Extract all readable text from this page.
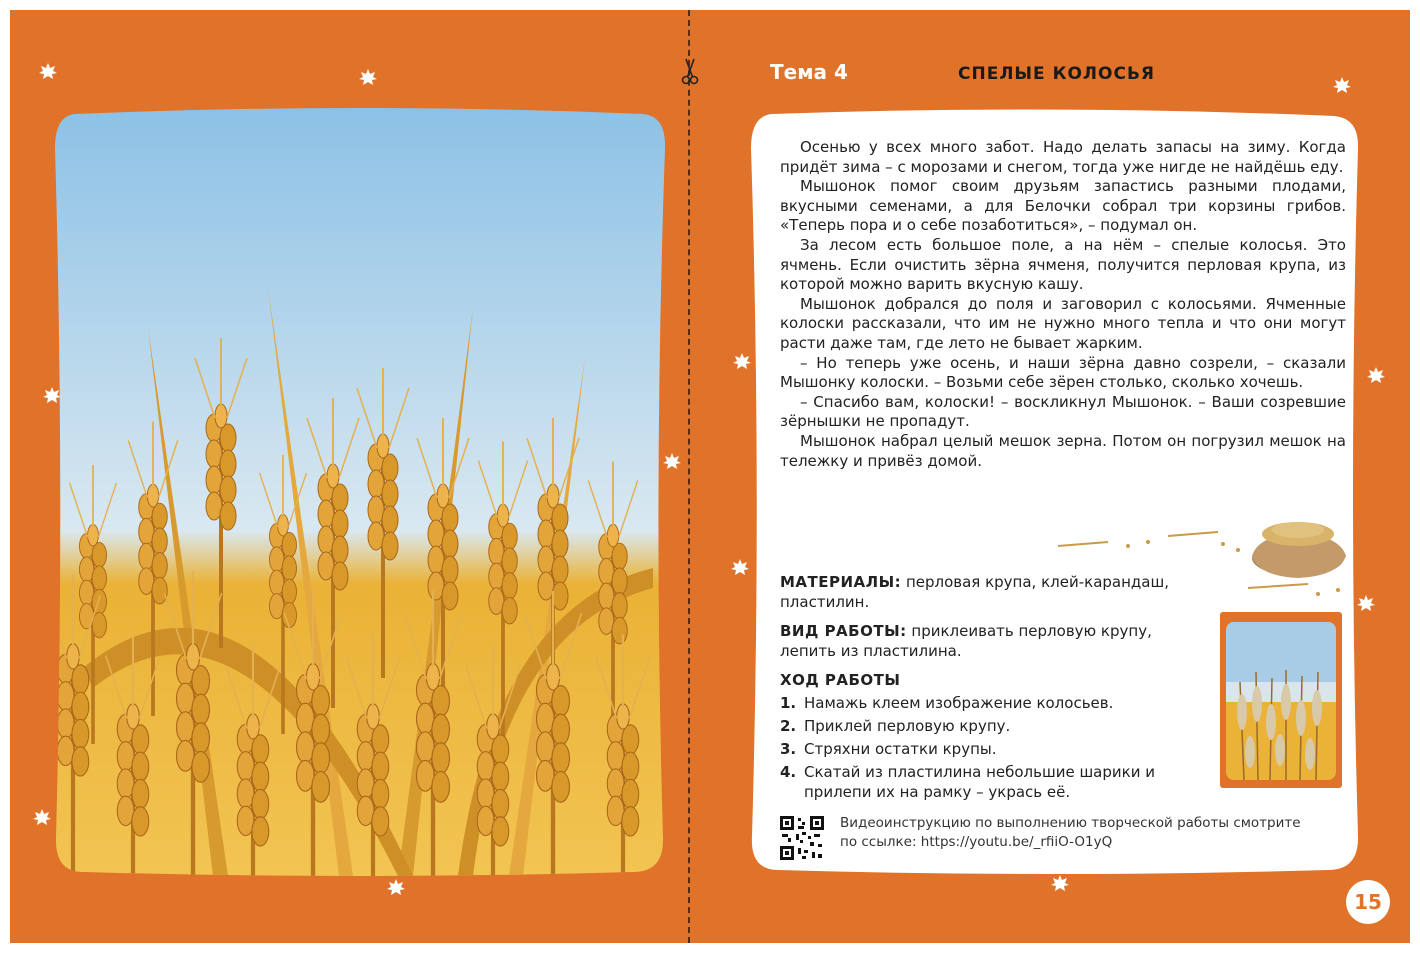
Тема 4	СПЕЛЫЕ КОЛОСЬЯ

Осенью у всех много забот. Надо делать запасы на зиму. Когда придёт зима – с морозами и снегом, тогда уже нигде не найдёшь еду.

Мышонок помог своим друзьям запастись разными плодами, вкусными семенами, а для Белочки собрал три корзины грибов. «Теперь пора и о себе позаботиться», – подумал он.

За лесом есть большое поле, а на нём – спелые колосья. Это ячмень. Если очистить зёрна ячменя, получится перловая крупа, из которой можно варить вкусную кашу.

Мышонок добрался до поля и заговорил с колосьями. Ячменные колоски рассказали, что им не нужно много тепла и что они могут расти даже там, где лето не бывает жарким.

– Но теперь уже осень, и наши зёрна давно созрели, – сказали Мышонку колоски. – Возьми себе зёрен столько, сколько хочешь.

– Спасибо вам, колоски! – воскликнул Мышонок. – Ваши созревшие зёрнышки не пропадут.

Мышонок набрал целый мешок зерна. Потом он погрузил мешок на тележку и привёз домой.

МАТЕРИАЛЫ: перловая крупа, клей-карандаш, пластилин.
ВИД РАБОТЫ: приклеивать перловую крупу, лепить из пластилина.
ХОД РАБОТЫ
1. Намажь клеем изображение колосьев.
2. Приклей перловую крупу.
3. Стряхни остатки крупы.
4. Скатай из пластилина небольшие шарики и прилепи их на рамку – укрась её.
Видеоинструкцию по выполнению творческой работы смотрите по ссылке: https://youtu.be/_rfiiO-O1yQ
15
